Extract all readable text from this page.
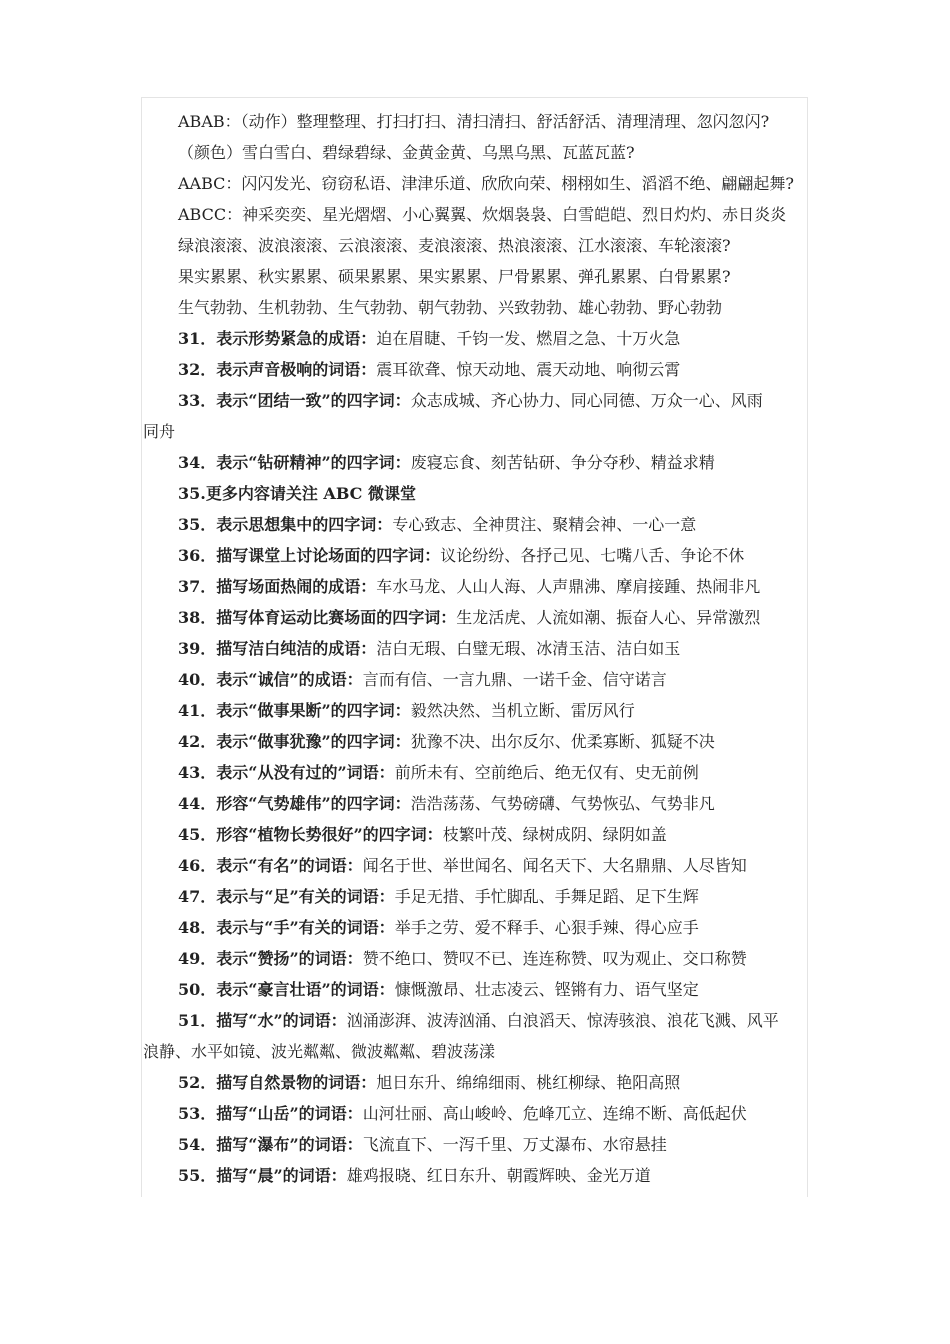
ABAB：（动作）整理整理、打扫打扫、清扫清扫、舒活舒活、清理清理、忽闪忽闪?
（颜色）雪白雪白、碧绿碧绿、金黄金黄、乌黑乌黑、瓦蓝瓦蓝?
AABC：闪闪发光、窃窃私语、津津乐道、欣欣向荣、栩栩如生、滔滔不绝、翩翩起舞?
ABCC：神采奕奕、星光熠熠、小心翼翼、炊烟袅袅、白雪皑皑、烈日灼灼、赤日炎炎
绿浪滚滚、波浪滚滚、云浪滚滚、麦浪滚滚、热浪滚滚、江水滚滚、车轮滚滚?
果实累累、秋实累累、硕果累累、果实累累、尸骨累累、弹孔累累、白骨累累?
生气勃勃、生机勃勃、生气勃勃、朝气勃勃、兴致勃勃、雄心勃勃、野心勃勃
31．表示形势紧急的成语：迫在眉睫、千钧一发、燃眉之急、十万火急
32．表示声音极响的词语：震耳欲聋、惊天动地、震天动地、响彻云霄
33．表示“团结一致”的四字词：众志成城、齐心协力、同心同德、万众一心、风雨
同舟
34．表示“钻研精神”的四字词：废寝忘食、刻苦钻研、争分夺秒、精益求精
35.更多内容请关注 ABC 微课堂
35．表示思想集中的四字词：专心致志、全神贯注、聚精会神、一心一意
36．描写课堂上讨论场面的四字词：议论纷纷、各抒己见、七嘴八舌、争论不休
37．描写场面热闹的成语：车水马龙、人山人海、人声鼎沸、摩肩接踵、热闹非凡
38．描写体育运动比赛场面的四字词：生龙活虎、人流如潮、振奋人心、异常激烈
39．描写洁白纯洁的成语：洁白无瑕、白璧无瑕、冰清玉洁、洁白如玉
40．表示“诚信”的成语：言而有信、一言九鼎、一诺千金、信守诺言
41．表示“做事果断”的四字词：毅然决然、当机立断、雷厉风行
42．表示“做事犹豫”的四字词：犹豫不决、出尔反尔、优柔寡断、狐疑不决
43．表示“从没有过的”词语：前所未有、空前绝后、绝无仅有、史无前例
44．形容“气势雄伟”的四字词：浩浩荡荡、气势磅礴、气势恢弘、气势非凡
45．形容“植物长势很好”的四字词：枝繁叶茂、绿树成阴、绿阴如盖
46．表示“有名”的词语：闻名于世、举世闻名、闻名天下、大名鼎鼎、人尽皆知
47．表示与“足”有关的词语：手足无措、手忙脚乱、手舞足蹈、足下生辉
48．表示与“手”有关的词语：举手之劳、爱不释手、心狠手辣、得心应手
49．表示“赞扬”的词语：赞不绝口、赞叹不已、连连称赞、叹为观止、交口称赞
50．表示“豪言壮语”的词语：慷慨激昂、壮志凌云、铿锵有力、语气坚定
51．描写“水”的词语：汹涌澎湃、波涛汹涌、白浪滔天、惊涛骇浪、浪花飞溅、风平
浪静、水平如镜、波光粼粼、微波粼粼、碧波荡漾
52．描写自然景物的词语：旭日东升、绵绵细雨、桃红柳绿、艳阳高照
53．描写“山岳”的词语：山河壮丽、高山峻岭、危峰兀立、连绵不断、高低起伏
54．描写“瀑布”的词语：飞流直下、一泻千里、万丈瀑布、水帘悬挂
55．描写“晨”的词语：雄鸡报晓、红日东升、朝霞辉映、金光万道
